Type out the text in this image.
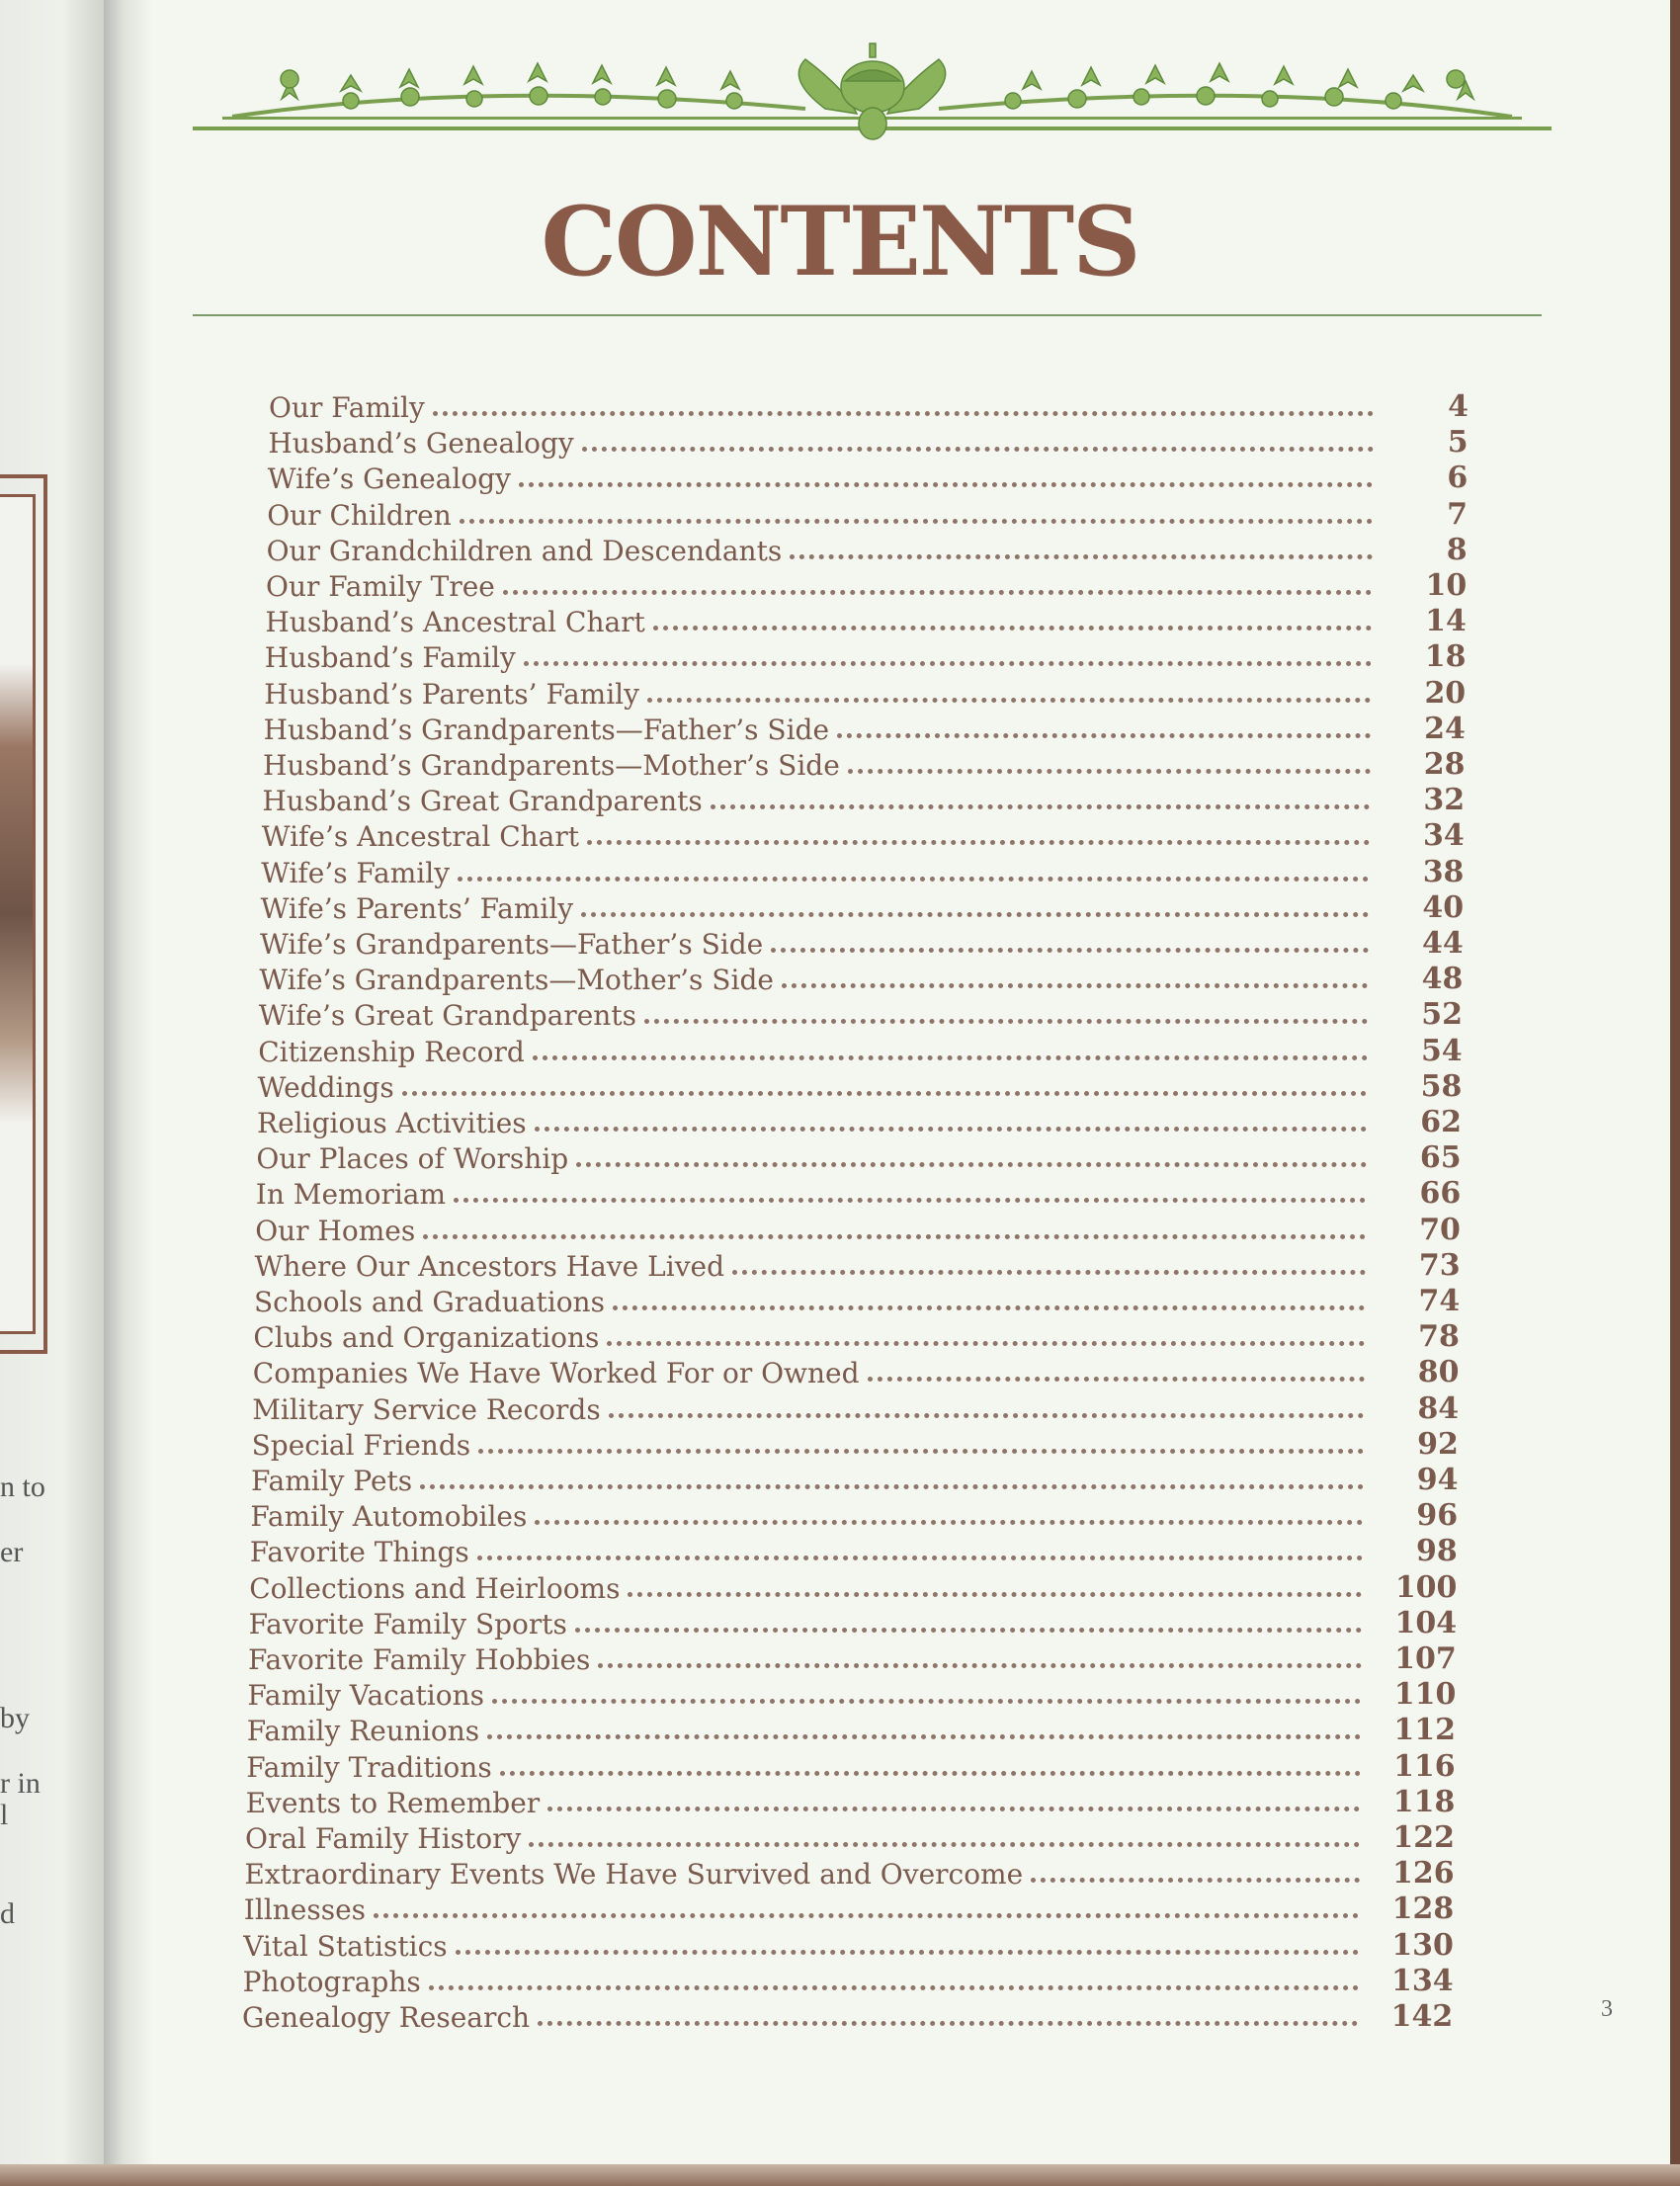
n to
er
by
r in
l
d
CONTENTS
Our Family	4
Husband’s Genealogy	5
Wife’s Genealogy	6
Our Children	7
Our Grandchildren and Descendants	8
Our Family Tree	10
Husband’s Ancestral Chart	14
Husband’s Family	18
Husband’s Parents’ Family	20
Husband’s Grandparents—Father’s Side	24
Husband’s Grandparents—Mother’s Side	28
Husband’s Great Grandparents	32
Wife’s Ancestral Chart	34
Wife’s Family	38
Wife’s Parents’ Family	40
Wife’s Grandparents—Father’s Side	44
Wife’s Grandparents—Mother’s Side	48
Wife’s Great Grandparents	52
Citizenship Record	54
Weddings	58
Religious Activities	62
Our Places of Worship	65
In Memoriam	66
Our Homes	70
Where Our Ancestors Have Lived	73
Schools and Graduations	74
Clubs and Organizations	78
Companies We Have Worked For or Owned	80
Military Service Records	84
Special Friends	92
Family Pets	94
Family Automobiles	96
Favorite Things	98
Collections and Heirlooms	100
Favorite Family Sports	104
Favorite Family Hobbies	107
Family Vacations	110
Family Reunions	112
Family Traditions	116
Events to Remember	118
Oral Family History	122
Extraordinary Events We Have Survived and Overcome	126
Illnesses	128
Vital Statistics	130
Photographs	134
Genealogy Research	142	3
